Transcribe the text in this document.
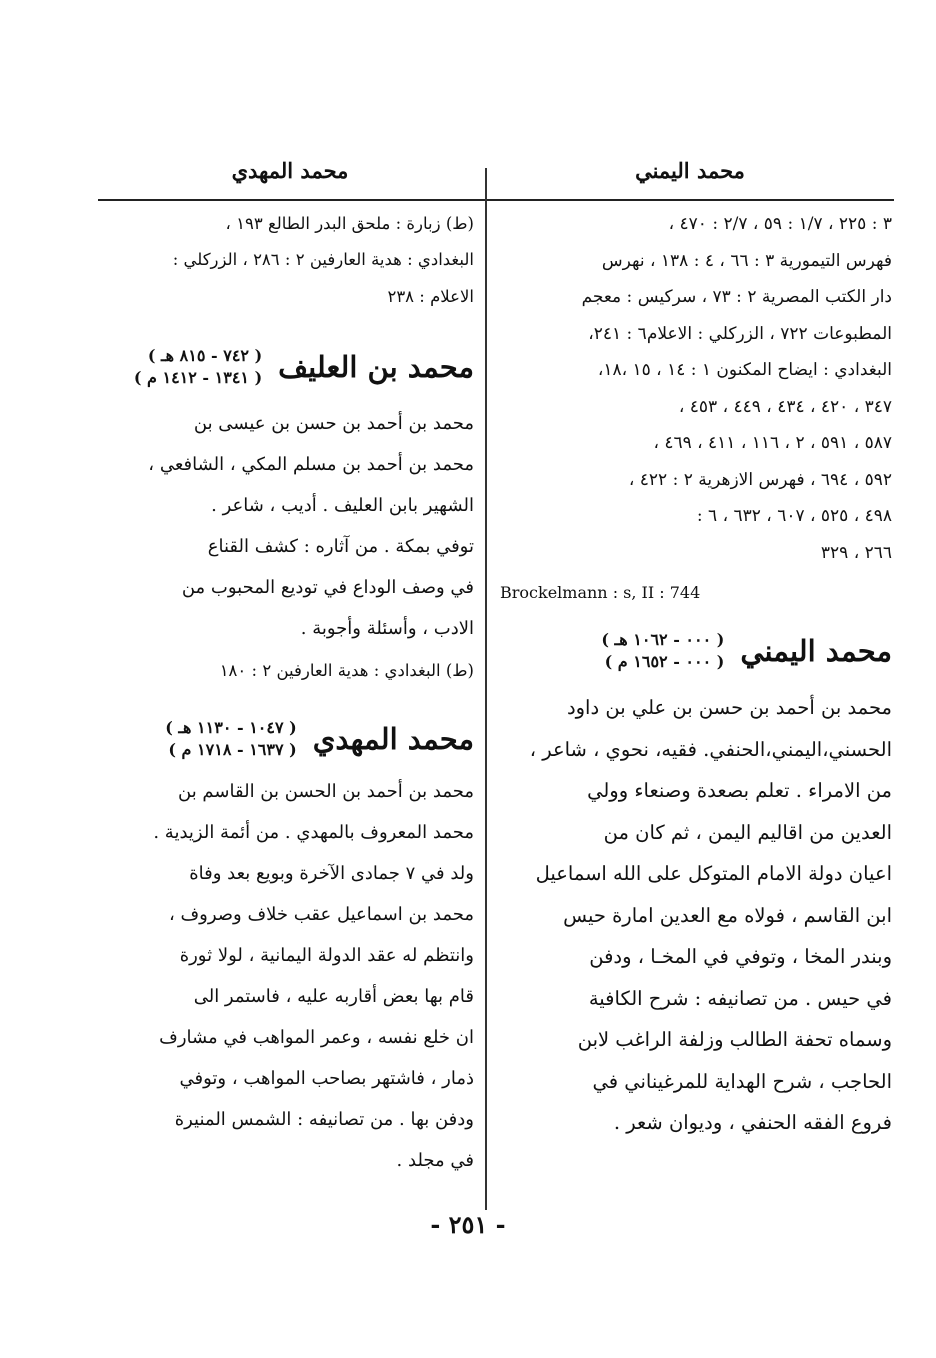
محمد اليمني
محمد المهدي

٣ : ٢٢٥ ، ١/٧ : ٥٩ ، ٢/٧ : ٤٧٠ ،

فهرس التيمورية ٣ : ٦٦ ، ٤ : ١٣٨ ، نهرس

دار الكتب المصرية ٢ : ٧٣ ، سركيس : معجم

المطبوعات ٧٢٢ ، الزركلي : الاعلام٦ : ٢٤١،

البغدادي : ايضاح المكنون ١ : ١٤ ، ١٥ ،١٨،

٣٤٧ ، ٤٢٠ ، ٤٣٤ ، ٤٤٩ ، ٤٥٣ ،

٥٨٧ ، ٥٩١ ، ٢ ، ١١٦ ، ٤١١ ، ٤٦٩ ،

٥٩٢ ، ٦٩٤ ، فهرس الازهرية ٢ : ٤٢٢ ،

٤٩٨ ، ٥٢٥ ، ٦٠٧ ، ٦٣٢ ، ٦ :

٢٦٦ ، ٣٢٩

Brockelmann : s, II : 744

محمد اليمني
( ٠٠٠ - ١٠٦٢ هـ )
( ٠٠٠ - ١٦٥٢ م )

محمد بن أحمد بن حسن بن علي بن داود

الحسني،اليمني،الحنفي. فقيه، نحوي ، شاعر ،

من الامراء . تعلم بصعدة وصنعاء وولي

العدين من اقاليم اليمن ، ثم كان من

اعيان دولة الامام المتوكل على الله اسماعيل

ابن القاسم ، فولاه مع العدين امارة حيس

وبندر المخا ، وتوفي في المخـا ، ودفن

في حيس . من تصانيفه : شرح الكافية

وسماه تحفة الطالب وزلفة الراغب لابن

الحاجب ، شرح الهداية للمرغيناني في

فروع الفقه الحنفي ، وديوان شعر .

(ط) زبارة : ملحق البدر الطالع ١٩٣ ،

البغدادي : هدية العارفين ٢ : ٢٨٦ ، الزركلي :

الاعلام : ٢٣٨

محمد بن العليف
( ٧٤٢ - ٨١٥ هـ )
( ١٣٤١ - ١٤١٢ م )

محمد بن أحمد بن حسن بن عيسى بن

محمد بن أحمد بن مسلم المكي ، الشافعي ،

الشهير بابن العليف . أديب ، شاعر .

توفي بمكة . من آثاره : كشف القناع

في وصف الوداع في توديع المحبوب من

الادب ، وأسئلة وأجوبة .

(ط) البغدادي : هدية العارفين ٢ : ١٨٠

محمد المهدي
( ١٠٤٧ - ١١٣٠ هـ )
( ١٦٣٧ - ١٧١٨ م )

محمد بن أحمد بن الحسن بن القاسم بن

محمد المعروف بالمهدي . من أئمة الزيدية .

ولد في ٧ جمادى الآخرة وبويع بعد وفاة

محمد بن اسماعيل عقب خلاف وصروف ،

وانتظم له عقد الدولة اليمانية ، لولا ثورة

قام بها بعض أقاربه عليه ، فاستمر الى

ان خلع نفسه ، وعمر المواهب في مشارف

ذمار ، فاشتهر بصاحب المواهب ، وتوفي

ودفن بها . من تصانيفه : الشمس المنيرة

في مجلد .

- ٢٥١ -
